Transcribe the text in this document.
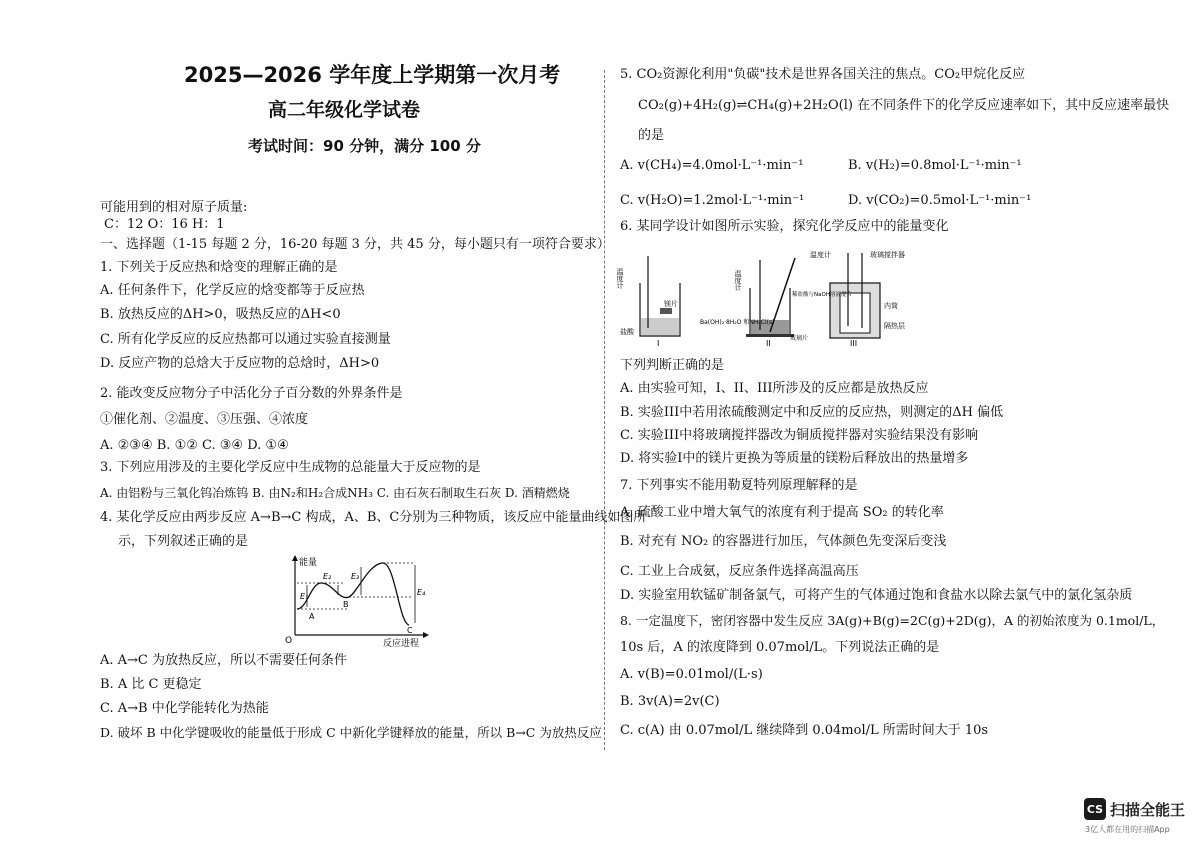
2025—2026 学年度上学期第一次月考
高二年级化学试卷
考试时间：90 分钟，满分 100 分
可能用到的相对原子质量:
C：12 O：16 H：1
一、选择题（1-15 每题 2 分，16-20 每题 3 分，共 45 分，每小题只有一项符合要求）
1. 下列关于反应热和焓变的理解正确的是
A. 任何条件下，化学反应的焓变都等于反应热
B. 放热反应的ΔH>0，吸热反应的ΔH<0
C. 所有化学反应的反应热都可以通过实验直接测量
D. 反应产物的总焓大于反应物的总焓时，ΔH>0
2. 能改变反应物分子中活化分子百分数的外界条件是
①催化剂、②温度、③压强、④浓度
A. ②③④ B. ①② C. ③④ D. ①④
3. 下列应用涉及的主要化学反应中生成物的总能量大于反应物的是
A. 由铝粉与三氧化钨冶炼钨 B. 由N₂和H₂合成NH₃ C. 由石灰石制取生石灰 D. 酒精燃烧
4. 某化学反应由两步反应 A→B→C 构成，A、B、C分别为三种物质，该反应中能量曲线如图所
示，下列叙述正确的是
能量
反应进程
O
A
B
C
E₁
E₂ E₃
E₄
A. A→C 为放热反应，所以不需要任何条件
B. A 比 C 更稳定
C. A→B 中化学能转化为热能
D. 破坏 B 中化学键吸收的能量低于形成 C 中新化学键释放的能量，所以 B→C 为放热反应
5. CO₂资源化利用"负碳"技术是世界各国关注的焦点。CO₂甲烷化反应
CO₂(g)+4H₂(g)⇌CH₄(g)+2H₂O(l) 在不同条件下的化学反应速率如下，其中反应速率最快
的是
A. v(CH₄)=4.0mol·L⁻¹·min⁻¹	B. v(H₂)=0.8mol·L⁻¹·min⁻¹
C. v(H₂O)=1.2mol·L⁻¹·min⁻¹	D. v(CO₂)=0.5mol·L⁻¹·min⁻¹
6. 某同学设计如图所示实验，探究化学反应中的能量变化
温度计
镁片
盐酸
I
温度计
Ba(OH)₂·8H₂O 和NH₄Cl(s)
玻璃片
II
温度计	玻璃搅拌器
稀盐酸与NaOH溶液混合
内筒
隔热层
III
下列判断正确的是
A. 由实验可知，I、II、III所涉及的反应都是放热反应
B. 实验III中若用浓硫酸测定中和反应的反应热，则测定的ΔH 偏低
C. 实验III中将玻璃搅拌器改为铜质搅拌器对实验结果没有影响
D. 将实验I中的镁片更换为等质量的镁粉后释放出的热量增多
7. 下列事实不能用勒夏特列原理解释的是
A. 硫酸工业中增大氧气的浓度有利于提高 SO₂ 的转化率
B. 对充有 NO₂ 的容器进行加压，气体颜色先变深后变浅
C. 工业上合成氨，反应条件选择高温高压
D. 实验室用软锰矿制备氯气，可将产生的气体通过饱和食盐水以除去氯气中的氯化氢杂质
8. 一定温度下，密闭容器中发生反应 3A(g)+B(g)=2C(g)+2D(g)，A 的初始浓度为 0.1mol/L，
10s 后，A 的浓度降到 0.07mol/L。下列说法正确的是
A. v(B)=0.01mol/(L·s)
B. 3v(A)=2v(C)
C. c(A) 由 0.07mol/L 继续降到 0.04mol/L 所需时间大于 10s
CS 扫描全能王
3亿人都在用的扫描App
